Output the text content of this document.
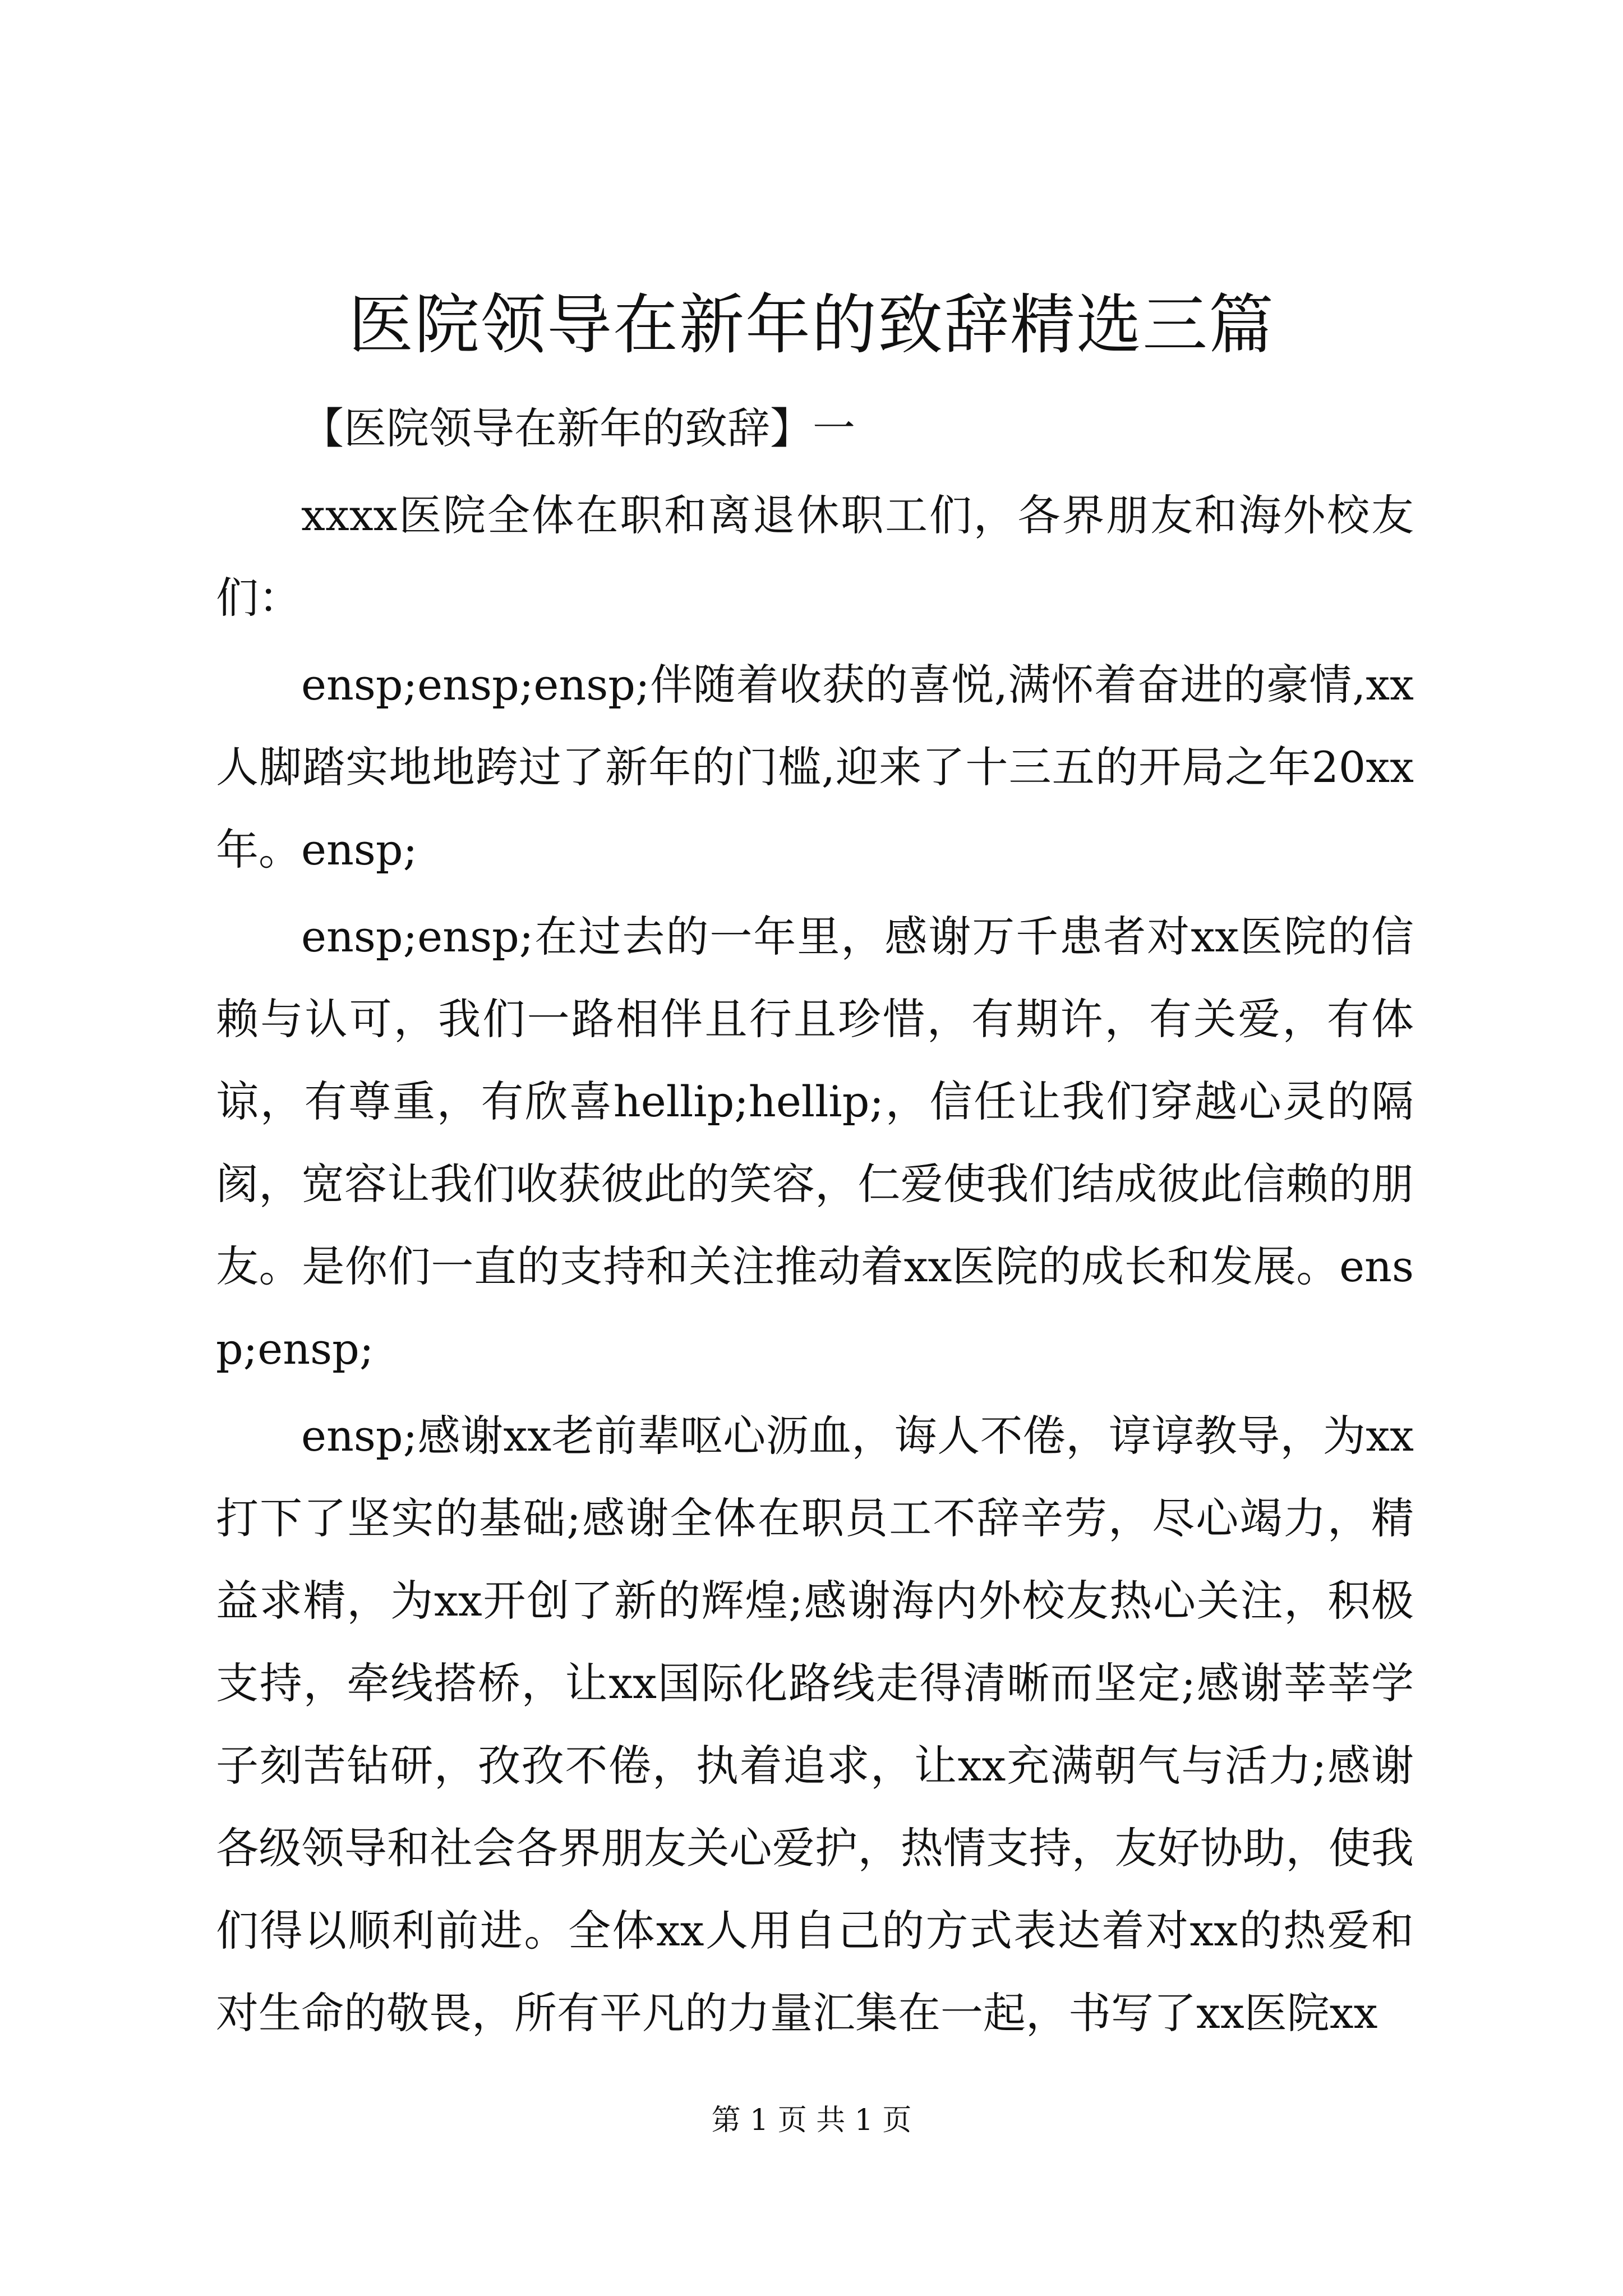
医院领导在新年的致辞精选三篇

【医院领导在新年的致辞】一

xxxx医院全体在职和离退休职工们，各界朋友和海外校友们：

ensp;ensp;ensp;伴随着收获的喜悦,满怀着奋进的豪情,xx人脚踏实地地跨过了新年的门槛,迎来了十三五的开局之年20xx年。ensp;

ensp;ensp;在过去的一年里，感谢万千患者对xx医院的信赖与认可，我们一路相伴且行且珍惜，有期许，有关爱，有体谅，有尊重，有欣喜hellip;hellip;，信任让我们穿越心灵的隔阂，宽容让我们收获彼此的笑容，仁爱使我们结成彼此信赖的朋友。是你们一直的支持和关注推动着xx医院的成长和发展。ensp;ensp;

ensp;感谢xx老前辈呕心沥血，诲人不倦，谆谆教导，为xx打下了坚实的基础;感谢全体在职员工不辞辛劳，尽心竭力，精益求精，为xx开创了新的辉煌;感谢海内外校友热心关注，积极支持，牵线搭桥，让xx国际化路线走得清晰而坚定;感谢莘莘学子刻苦钻研，孜孜不倦，执着追求，让xx充满朝气与活力;感谢各级领导和社会各界朋友关心爱护，热情支持，友好协助，使我们得以顺利前进。全体xx人用自己的方式表达着对xx的热爱和对生命的敬畏，所有平凡的力量汇集在一起，书写了xx医院xx

第 1 页 共 1 页
